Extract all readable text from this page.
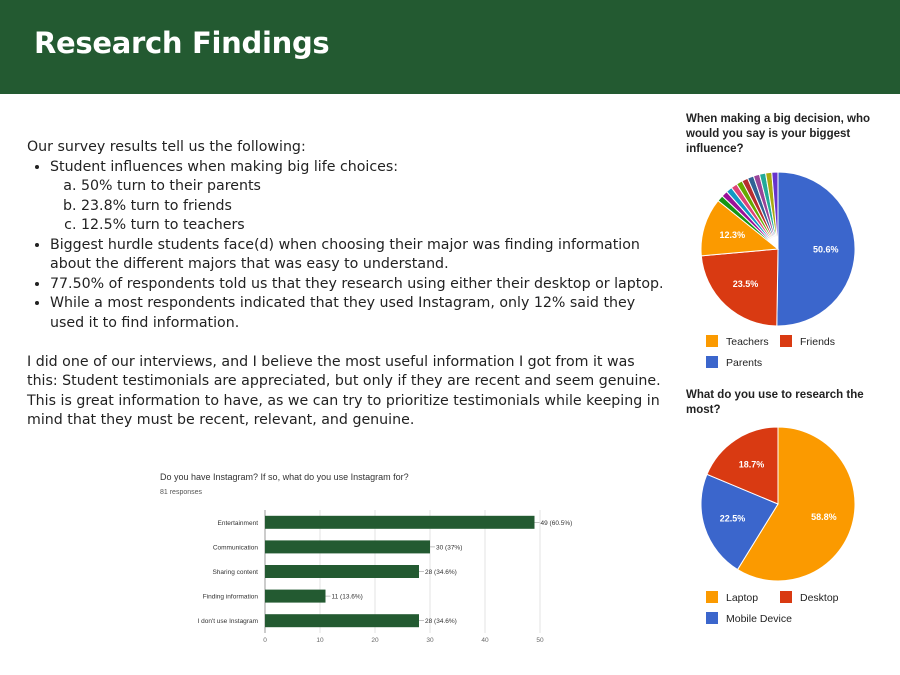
Research Findings

Our survey results tell us the following:

• Student influences when making big life choices:
a. 50% turn to their parents
b. 23.8% turn to friends
c. 12.5% turn to teachers
• Biggest hurdle students face(d) when choosing their major was finding information about the different majors that was easy to understand.
• 77.50% of respondents told us that they research using either their desktop or laptop.
• While a most respondents indicated that they used Instagram, only 12% said they used it to find information.

I did one of our interviews, and I believe the most useful information I got from it was this: Student testimonials are appreciated, but only if they are recent and seem genuine. This is great information to have, as we can try to prioritize testimonials while keeping in mind that they must be recent, relevant, and genuine.

Do you have Instagram? If so, what do you use Instagram for?
81 responses
0	10	20	30	40	50
Entertainment	49 (60.5%)
Communication	30 (37%)
Sharing content	28 (34.6%)
Finding information	11 (13.6%)
I don't use Instagram	28 (34.6%)
When making a big decision, who would you say is your biggest influence?
50.6%
23.5%
12.3%
Teachers	Friends
Parents
What do you use to research the most?
58.8%
22.5%
18.7%
Laptop	Desktop
Mobile Device
